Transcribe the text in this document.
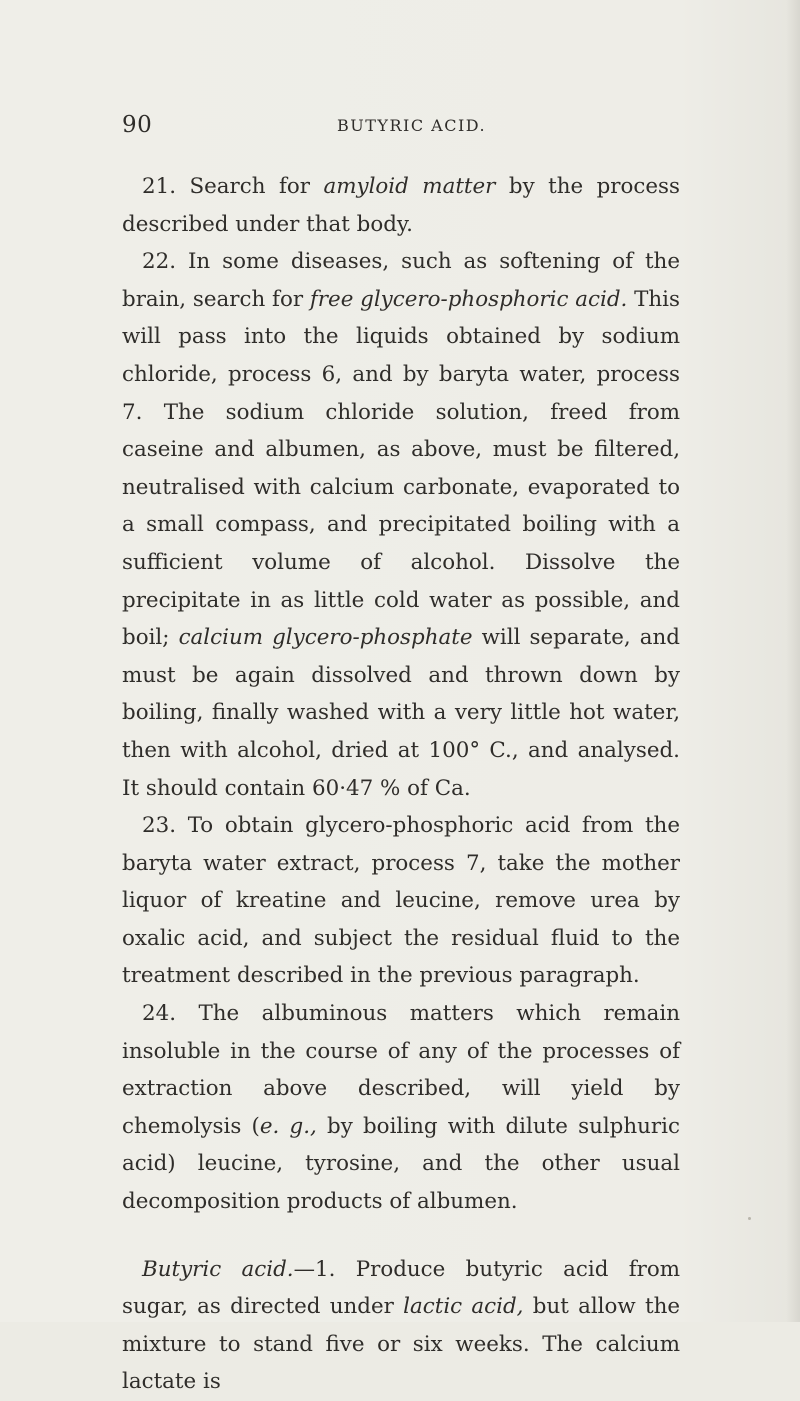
90	BUTYRIC ACID.

21. Search for amyloid matter by the process described under that body.

22. In some diseases, such as softening of the brain, search for free glycero-phosphoric acid. This will pass into the liquids obtained by sodium chloride, process 6, and by baryta water, process 7. The sodium chloride solution, freed from caseine and albumen, as above, must be filtered, neutralised with calcium carbonate, evaporated to a small compass, and precipitated boiling with a sufficient volume of alcohol. Dissolve the precipitate in as little cold water as possible, and boil; calcium glycero-phosphate will separate, and must be again dissolved and thrown down by boiling, finally washed with a very little hot water, then with alcohol, dried at 100° C., and analysed. It should contain 60·47 % of Ca.

23. To obtain glycero-phosphoric acid from the baryta water extract, process 7, take the mother liquor of kreatine and leucine, remove urea by oxalic acid, and subject the residual fluid to the treatment described in the previous paragraph.

24. The albuminous matters which remain insoluble in the course of any of the processes of extraction above described, will yield by chemolysis (e. g., by boiling with dilute sulphuric acid) leucine, tyrosine, and the other usual decomposition products of albumen.

Butyric acid.—1. Produce butyric acid from sugar, as directed under lactic acid, but allow the mixture to stand five or six weeks. The calcium lactate is
